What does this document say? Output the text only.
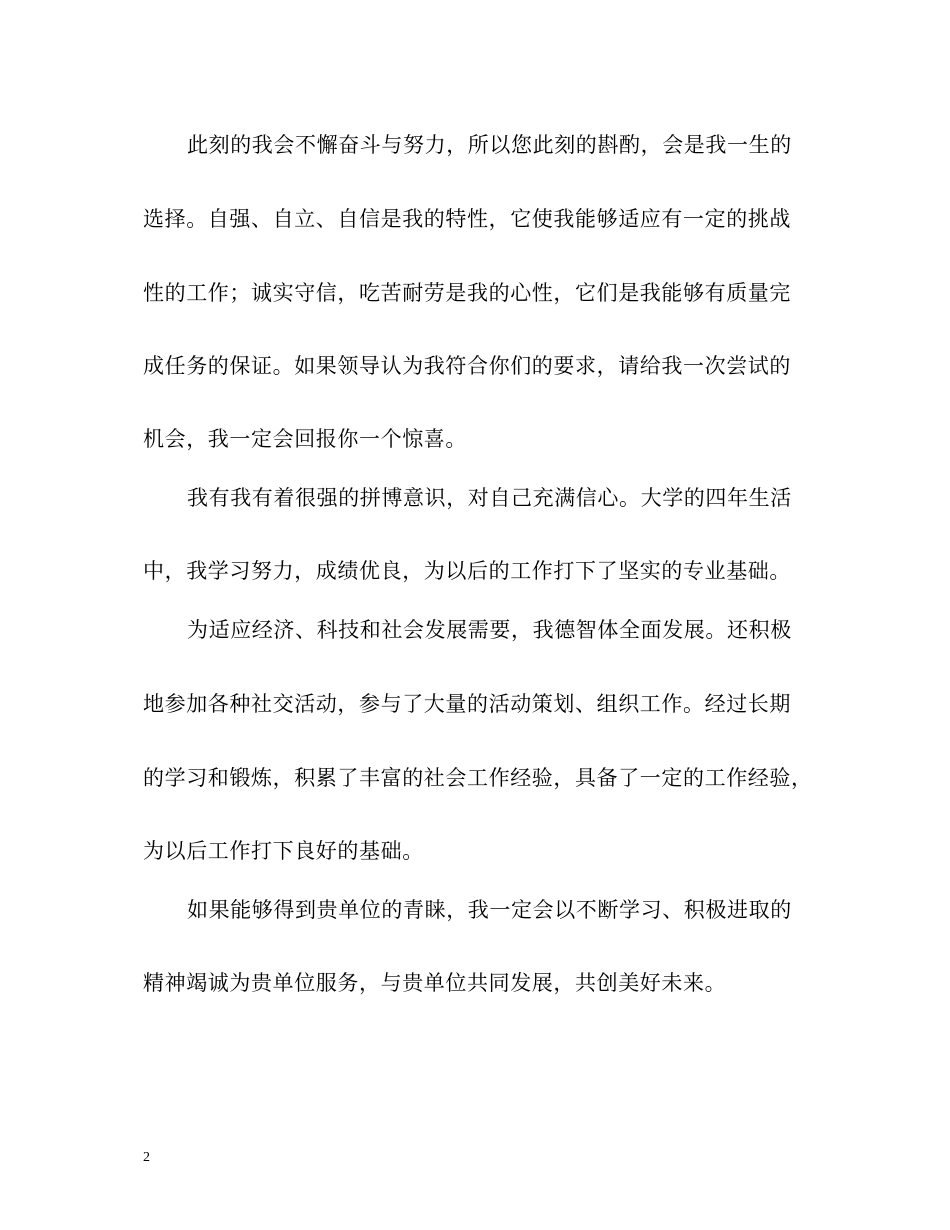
此刻的我会不懈奋斗与努力，所以您此刻的斟酌，会是我一生的
选择。自强、自立、自信是我的特性，它使我能够适应有一定的挑战
性的工作；诚实守信，吃苦耐劳是我的心性，它们是我能够有质量完
成任务的保证。如果领导认为我符合你们的要求，请给我一次尝试的
机会，我一定会回报你一个惊喜。
我有我有着很强的拼博意识，对自己充满信心。大学的四年生活
中，我学习努力，成绩优良，为以后的工作打下了坚实的专业基础。
为适应经济、科技和社会发展需要，我德智体全面发展。还积极
地参加各种社交活动，参与了大量的活动策划、组织工作。经过长期
的学习和锻炼，积累了丰富的社会工作经验，具备了一定的工作经验，
为以后工作打下良好的基础。
如果能够得到贵单位的青睐，我一定会以不断学习、积极进取的
精神竭诚为贵单位服务，与贵单位共同发展，共创美好未来。
2
